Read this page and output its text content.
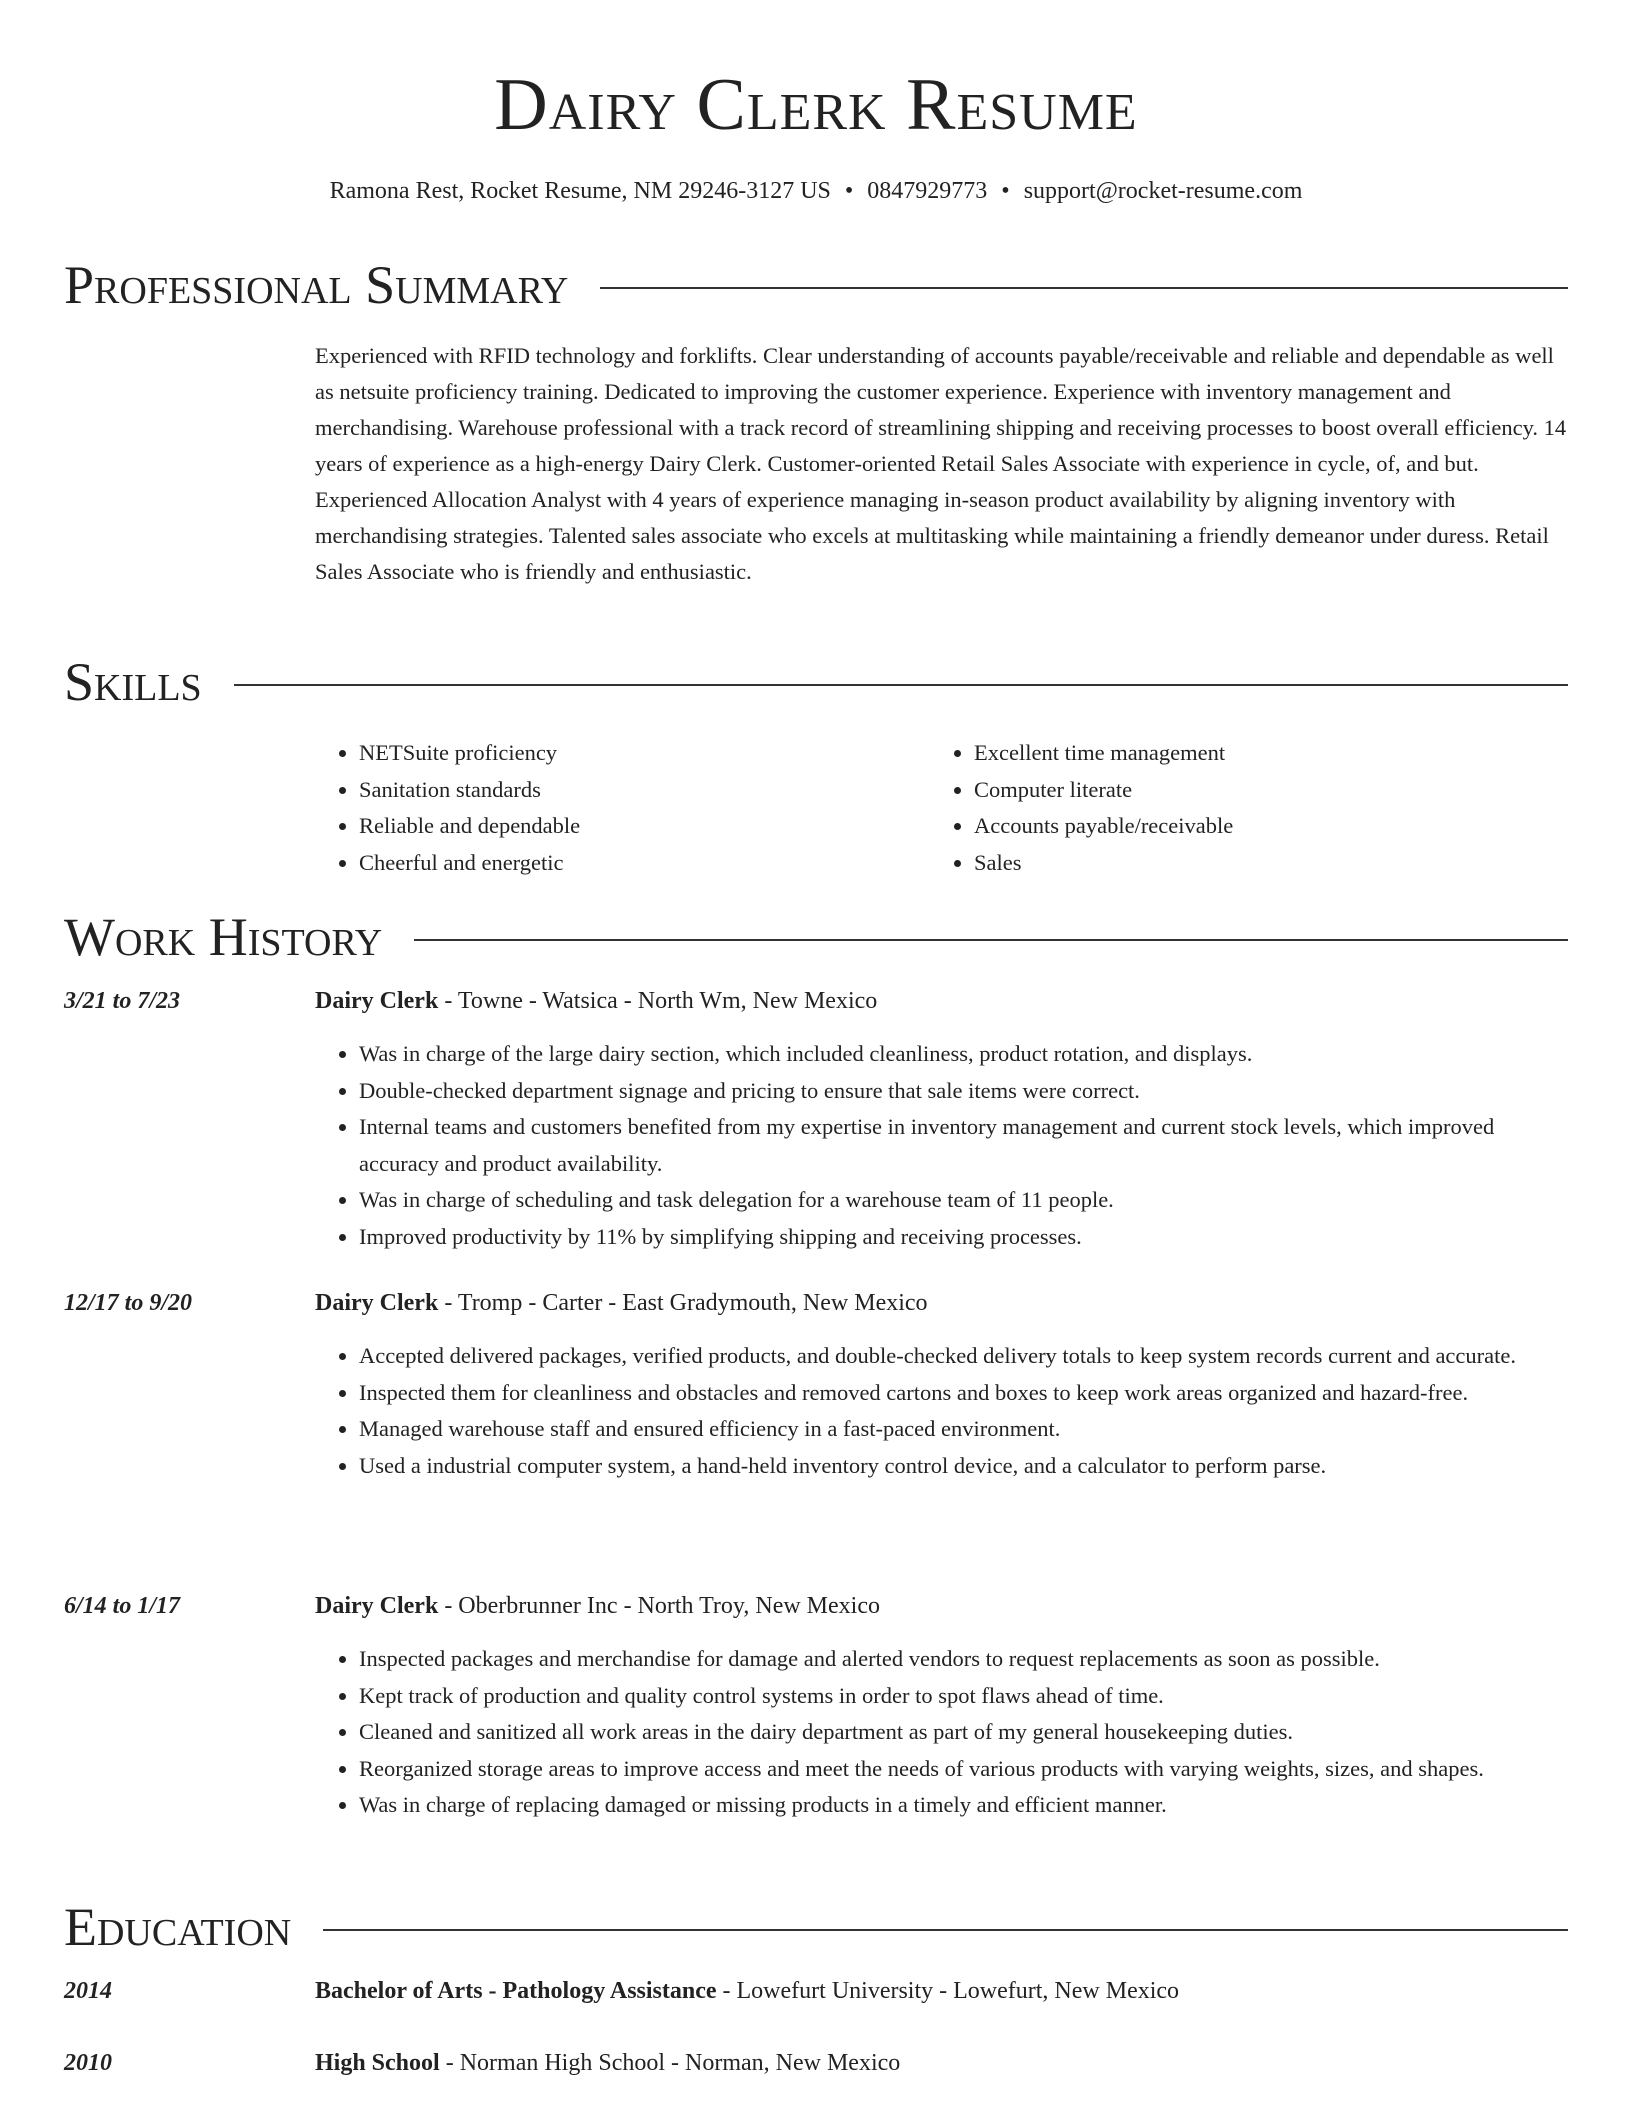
Dairy Clerk Resume
Ramona Rest, Rocket Resume, NM 29246-3127 US • 0847929773 • support@rocket-resume.com
Professional Summary
Experienced with RFID technology and forklifts. Clear understanding of accounts payable/receivable and reliable and dependable as well as netsuite proficiency training. Dedicated to improving the customer experience. Experience with inventory management and merchandising. Warehouse professional with a track record of streamlining shipping and receiving processes to boost overall efficiency. 14 years of experience as a high-energy Dairy Clerk. Customer-oriented Retail Sales Associate with experience in cycle, of, and but. Experienced Allocation Analyst with 4 years of experience managing in-season product availability by aligning inventory with merchandising strategies. Talented sales associate who excels at multitasking while maintaining a friendly demeanor under duress. Retail Sales Associate who is friendly and enthusiastic.
Skills
• NETSuite proficiency
• Sanitation standards
• Reliable and dependable
• Cheerful and energetic
• Excellent time management
• Computer literate
• Accounts payable/receivable
• Sales
Work History
3/21 to 7/23	Dairy Clerk - Towne - Watsica - North Wm, New Mexico
• Was in charge of the large dairy section, which included cleanliness, product rotation, and displays.
• Double-checked department signage and pricing to ensure that sale items were correct.
• Internal teams and customers benefited from my expertise in inventory management and current stock levels, which improved accuracy and product availability.
• Was in charge of scheduling and task delegation for a warehouse team of 11 people.
• Improved productivity by 11% by simplifying shipping and receiving processes.
12/17 to 9/20	Dairy Clerk - Tromp - Carter - East Gradymouth, New Mexico
• Accepted delivered packages, verified products, and double-checked delivery totals to keep system records current and accurate.
• Inspected them for cleanliness and obstacles and removed cartons and boxes to keep work areas organized and hazard-free.
• Managed warehouse staff and ensured efficiency in a fast-paced environment.
• Used a industrial computer system, a hand-held inventory control device, and a calculator to perform parse.
6/14 to 1/17	Dairy Clerk - Oberbrunner Inc - North Troy, New Mexico
• Inspected packages and merchandise for damage and alerted vendors to request replacements as soon as possible.
• Kept track of production and quality control systems in order to spot flaws ahead of time.
• Cleaned and sanitized all work areas in the dairy department as part of my general housekeeping duties.
• Reorganized storage areas to improve access and meet the needs of various products with varying weights, sizes, and shapes.
• Was in charge of replacing damaged or missing products in a timely and efficient manner.
Education
2014	Bachelor of Arts - Pathology Assistance - Lowefurt University - Lowefurt, New Mexico
2010	High School - Norman High School - Norman, New Mexico
